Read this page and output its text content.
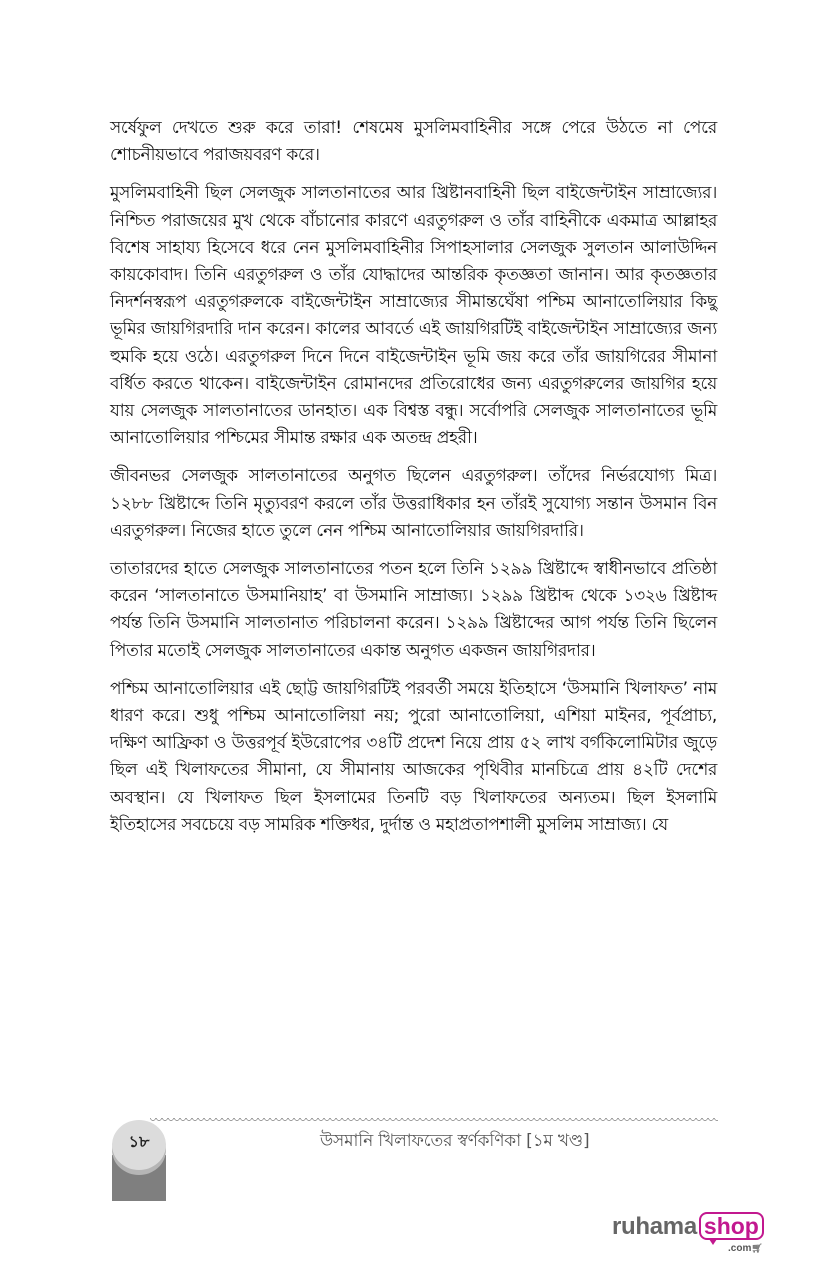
সর্ষেফুল দেখতে শুরু করে তারা! শেষমেষ মুসলিমবাহিনীর সঙ্গে পেরে উঠতে না পেরে শোচনীয়ভাবে পরাজয়বরণ করে।

মুসলিমবাহিনী ছিল সেলজুক সালতানাতের আর খ্রিষ্টানবাহিনী ছিল বাইজেন্টাইন সাম্রাজ্যের। নিশ্চিত পরাজয়ের মুখ থেকে বাঁচানোর কারণে এরতুগরুল ও তাঁর বাহিনীকে একমাত্র আল্লাহর বিশেষ সাহায্য হিসেবে ধরে নেন মুসলিমবাহিনীর সিপাহসালার সেলজুক সুলতান আলাউদ্দিন কায়কোবাদ। তিনি এরতুগরুল ও তাঁর যোদ্ধাদের আন্তরিক কৃতজ্ঞতা জানান। আর কৃতজ্ঞতার নিদর্শনস্বরূপ এরতুগরুলকে বাইজেন্টাইন সাম্রাজ্যের সীমান্তঘেঁষা পশ্চিম আনাতোলিয়ার কিছু ভূমির জায়গিরদারি দান করেন। কালের আবর্তে এই জায়গিরটিই বাইজেন্টাইন সাম্রাজ্যের জন্য হুমকি হয়ে ওঠে। এরতুগরুল দিনে দিনে বাইজেন্টাইন ভূমি জয় করে তাঁর জায়গিরের সীমানা বর্ধিত করতে থাকেন। বাইজেন্টাইন রোমানদের প্রতিরোধের জন্য এরতুগরুলের জায়গির হয়ে যায় সেলজুক সালতানাতের ডানহাত। এক বিশ্বস্ত বন্ধু। সর্বোপরি সেলজুক সালতানাতের ভূমি আনাতোলিয়ার পশ্চিমের সীমান্ত রক্ষার এক অতন্দ্র প্রহরী।

জীবনভর সেলজুক সালতানাতের অনুগত ছিলেন এরতুগরুল। তাঁদের নির্ভরযোগ্য মিত্র। ১২৮৮ খ্রিষ্টাব্দে তিনি মৃত্যুবরণ করলে তাঁর উত্তরাধিকার হন তাঁরই সুযোগ্য সন্তান উসমান বিন এরতুগরুল। নিজের হাতে তুলে নেন পশ্চিম আনাতোলিয়ার জায়গিরদারি।

তাতারদের হাতে সেলজুক সালতানাতের পতন হলে তিনি ১২৯৯ খ্রিষ্টাব্দে স্বাধীনভাবে প্রতিষ্ঠা করেন ‘সালতানাতে উসমানিয়াহ’ বা উসমানি সাম্রাজ্য। ১২৯৯ খ্রিষ্টাব্দ থেকে ১৩২৬ খ্রিষ্টাব্দ পর্যন্ত তিনি উসমানি সালতানাত পরিচালনা করেন। ১২৯৯ খ্রিষ্টাব্দের আগ পর্যন্ত তিনি ছিলেন পিতার মতোই সেলজুক সালতানাতের একান্ত অনুগত একজন জায়গিরদার।

পশ্চিম আনাতোলিয়ার এই ছোট্ট জায়গিরটিই পরবর্তী সময়ে ইতিহাসে ‘উসমানি খিলাফত’ নাম ধারণ করে। শুধু পশ্চিম আনাতোলিয়া নয়; পুরো আনাতোলিয়া, এশিয়া মাইনর, পূর্বপ্রাচ্য, দক্ষিণ আফ্রিকা ও উত্তরপূর্ব ইউরোপের ৩৪টি প্রদেশ নিয়ে প্রায় ৫২ লাখ বর্গকিলোমিটার জুড়ে ছিল এই খিলাফতের সীমানা, যে সীমানায় আজকের পৃথিবীর মানচিত্রে প্রায় ৪২টি দেশের অবস্থান। যে খিলাফত ছিল ইসলামের তিনটি বড় খিলাফতের অন্যতম। ছিল ইসলামি ইতিহাসের সবচেয়ে বড় সামরিক শক্তিধর, দুর্দান্ত ও মহাপ্রতাপশালী মুসলিম সাম্রাজ্য। যে

১৮	উসমানি খিলাফতের স্বর্ণকণিকা [১ম খণ্ড]
ruhama shop
.com🛒︎
